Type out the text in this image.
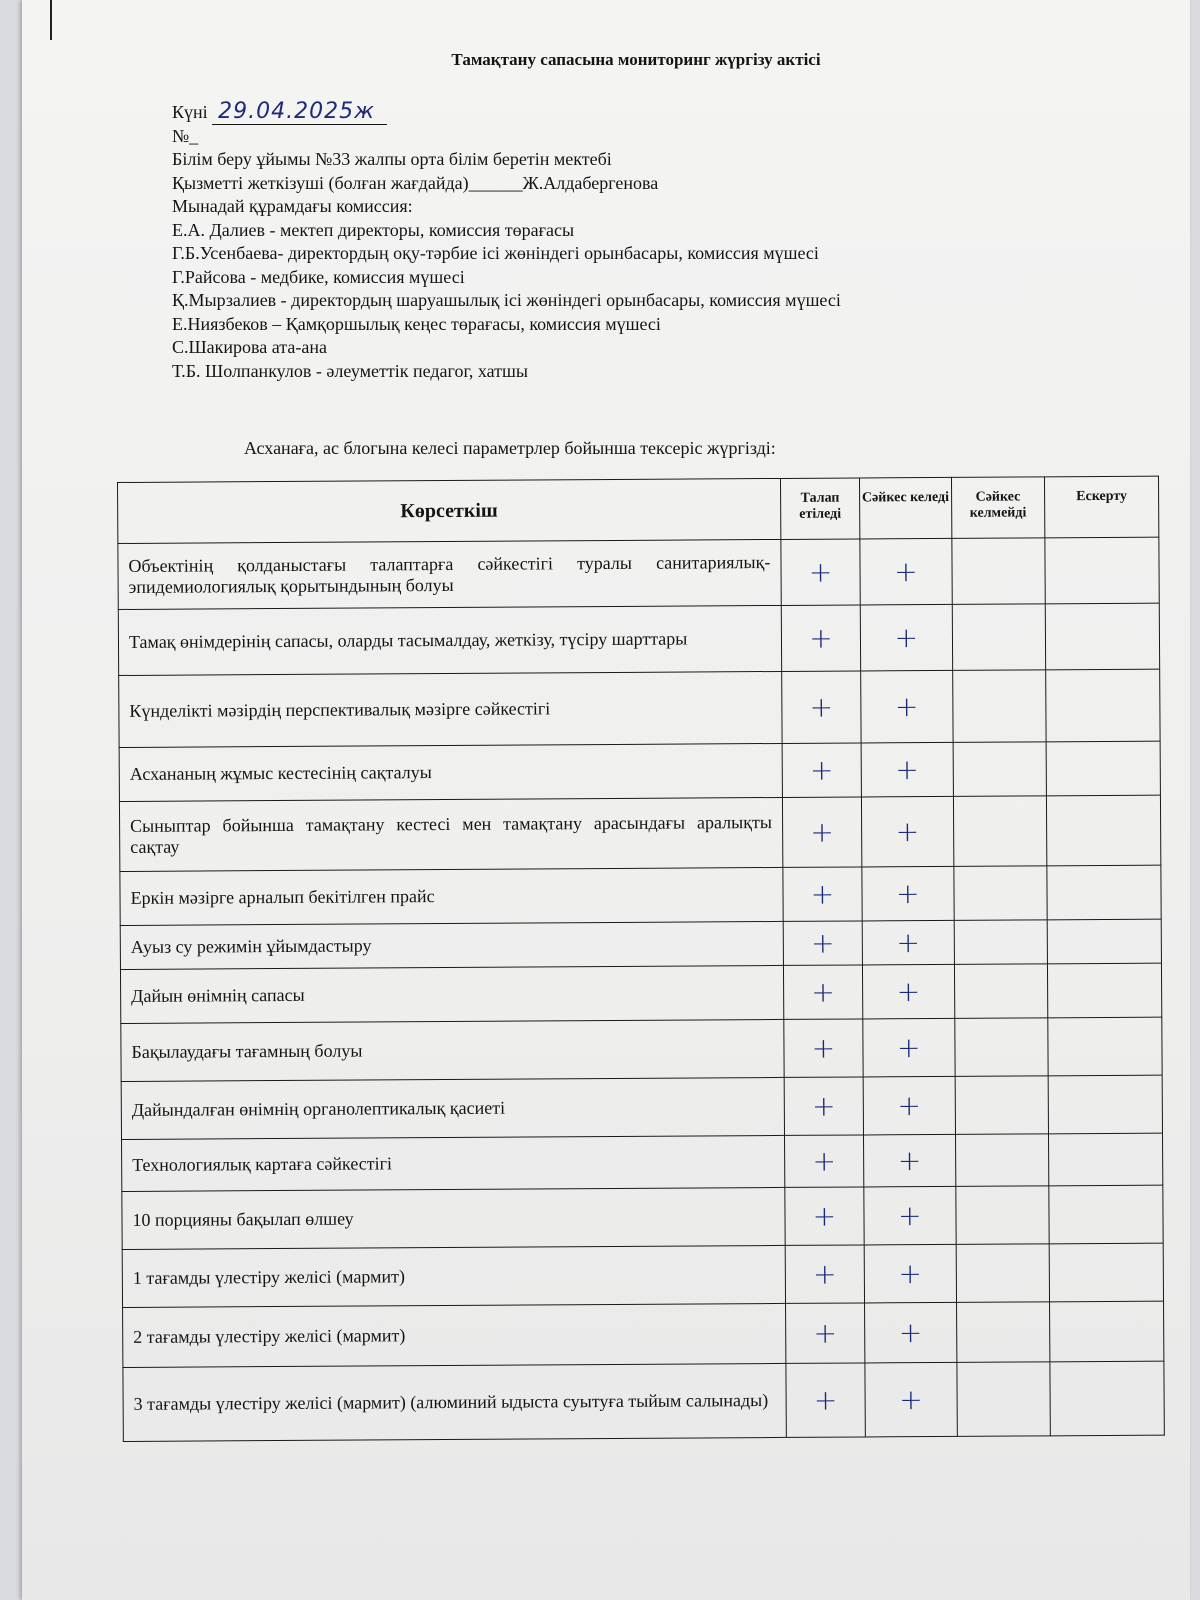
Тамақтану сапасына мониторинг жүргізу актісі
Күні 29.04.2025ж
№_
Білім беру ұйымы №33 жалпы орта білім беретін мектебі
Қызметті жеткізуші (болған жағдайда)______Ж.Алдабергенова
Мынадай құрамдағы комиссия:
Е.А. Далиев - мектеп директоры, комиссия төрағасы
Г.Б.Усенбаева- директордың оқу-тәрбие ісі жөніндегі орынбасары, комиссия мүшесі
Г.Райсова - медбике, комиссия мүшесі
Қ.Мырзалиев - директордың шаруашылық ісі жөніндегі орынбасары, комиссия мүшесі
Е.Ниязбеков – Қамқоршылық кеңес төрағасы, комиссия мүшесі
С.Шакирова ата-ана
Т.Б. Шолпанкулов - әлеуметтік педагог, хатшы
Асханаға, ас блогына келесі параметрлер бойынша тексеріс жүргізді:
Көрсеткіш	Талап етіледі	Сәйкес келеді	Сәйкес келмейді	Ескерту
Объектінің қолданыстағы талаптарға сәйкестігі туралы санитариялық-эпидемиологиялық қорытындының болуы	+	+		
Тамақ өнімдерінің сапасы, оларды тасымалдау, жеткізу, түсіру шарттары	+	+		
Күнделікті мәзірдің перспективалық мәзірге сәйкестігі	+	+		
Асхананың жұмыс кестесінің сақталуы	+	+		
Сыныптар бойынша тамақтану кестесі мен тамақтану арасындағы аралықты сақтау	+	+		
Еркін мәзірге арналып бекітілген прайс	+	+		
Ауыз су режимін ұйымдастыру	+	+		
Дайын өнімнің сапасы	+	+		
Бақылаудағы тағамның болуы	+	+		
Дайындалған өнімнің органолептикалық қасиеті	+	+		
Технологиялық картаға сәйкестігі	+	+		
10 порцияны бақылап өлшеу	+	+		
1 тағамды үлестіру желісі (мармит)	+	+		
2 тағамды үлестіру желісі (мармит)	+	+		
3 тағамды үлестіру желісі (мармит) (алюминий ыдыста суытуға тыйым салынады)	+	+		
